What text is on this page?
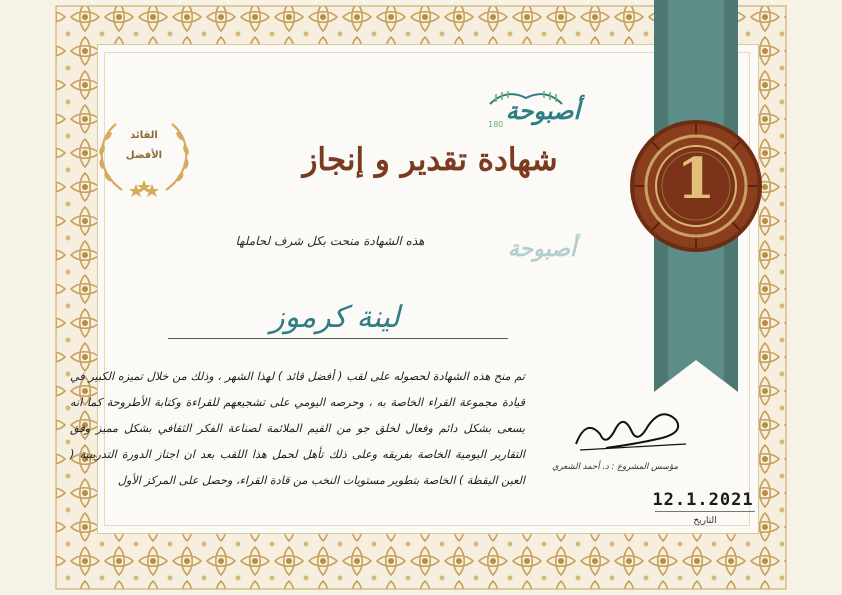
1
القائد
الأفضل
أصبوحة
180
أصبوحة
شهادة تقدير و إنجاز
هذه الشهادة منحت بكل شرف لحاملها
لينة كرموز
تم منح هذه الشهادة لحصوله على لقب ( أفضل قائد ) لهذا الشهر ، وذلك من خلال تميزه الكبير في قيادة مجموعة القراء الخاصة به ، وحرصه اليومي على تشجيعهم للقراءة وكتابة الأطروحة كما انه يسعى بشكل دائم وفعال لخلق جو من القيم الملائمة لصناعة الفكر الثقافي بشكل مميز وفق التقارير اليومية الخاصة بفريقه وعلى ذلك تأهل لحمل هذا اللقب بعد ان اجتاز الدورة التدريبية ( العين اليقظة ) الخاصة بتطوير مستويات النخب من قادة القراء، وحصل على المركز الأول
مؤسس المشروع : د. أحمد الشعري
12.1.2021
التاريخ
